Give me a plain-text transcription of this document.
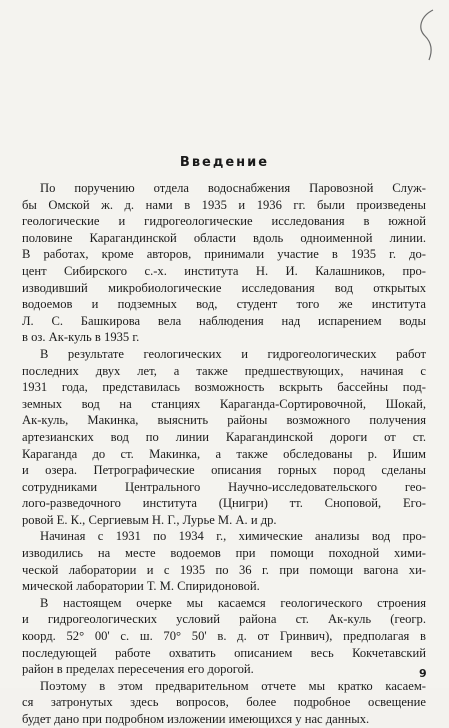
Введение
По поручению отдела водоснабжения Паровозной Служ-
бы Омской ж. д. нами в 1935 и 1936 гг. были произведены
геологические и гидрогеологические исследования в южной
половине Карагандинской области вдоль одноименной линии.
В работах, кроме авторов, принимали участие в 1935 г. до-
цент Сибирского с.-х. института Н. И. Калашников, про-
изводивший микробиологические исследования вод открытых
водоемов и подземных вод, студент того же института
Л. С. Башкирова вела наблюдения над испарением воды
в оз. Ак-куль в 1935 г.
В результате геологических и гидрогеологических работ
последних двух лет, а также предшествующих, начиная с
1931 года, представилась возможность вскрыть бассейны под-
земных вод на станциях Караганда-Сортировочной, Шокай,
Ак-куль, Макинка, выяснить районы возможного получения
артезианских вод по линии Карагандинской дороги от ст.
Караганда до ст. Макинка, а также обследованы р. Ишим
и озера. Петрографические описания горных пород сделаны
сотрудниками Центрального Научно-исследовательского гео-
лого-разведочного института (Цнигри) тт. Сноповой, Его-
ровой Е. К., Сергиевым Н. Г., Лурье М. А. и др.
Начиная с 1931 по 1934 г., химические анализы вод про-
изводились на месте водоемов при помощи походной хими-
ческой лаборатории и с 1935 по 36 г. при помощи вагона хи-
мической лаборатории Т. М. Спиридоновой.
В настоящем очерке мы касаемся геологического строения
и гидрогеологических условий района ст. Ак-куль (геогр.
коорд. 52° 00' с. ш. 70° 50' в. д. от Гринвич), предполагая в
последующей работе охватить описанием весь Кокчетавский
район в пределах пересечения его дорогой.
Поэтому в этом предварительном отчете мы кратко касаем-
ся затронутых здесь вопросов, более подробное освещение
будет дано при подробном изложении имеющихся у нас данных.
9
